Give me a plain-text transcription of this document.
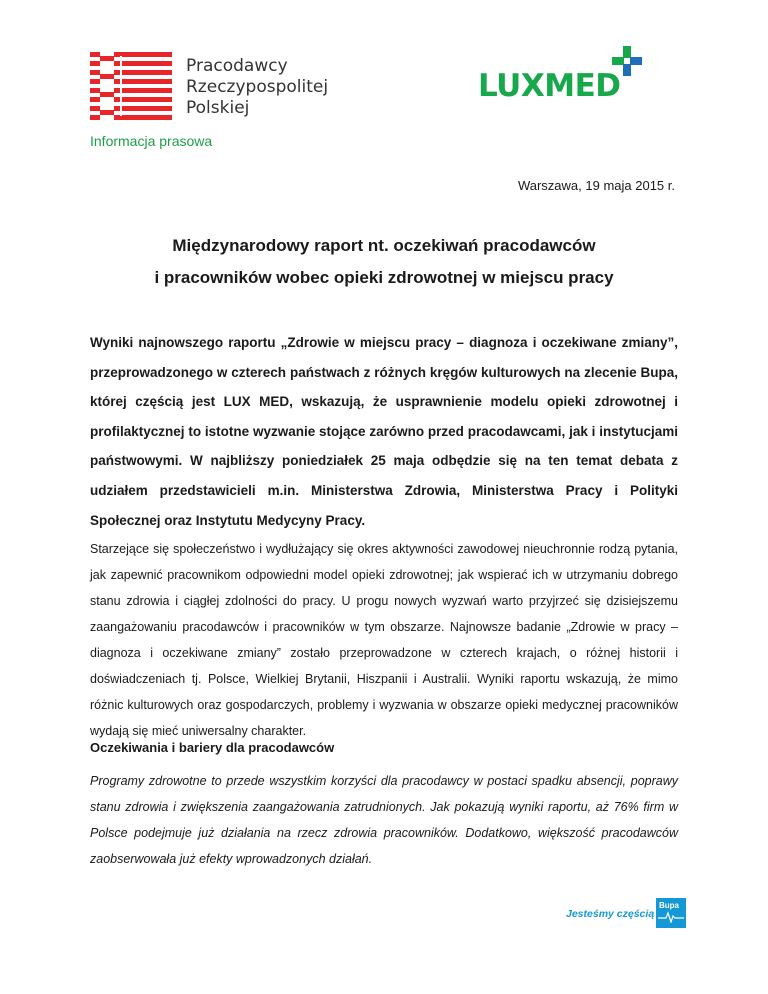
Pracodawcy
Rzeczypospolitej
Polskiej
LUXMED
Informacja prasowa
Warszawa, 19 maja 2015 r.
Międzynarodowy raport nt. oczekiwań pracodawców
i pracowników wobec opieki zdrowotnej w miejscu pracy
Wyniki najnowszego raportu „Zdrowie w miejscu pracy – diagnoza i oczekiwane zmiany”, przeprowadzonego w czterech państwach z różnych kręgów kulturowych na zlecenie Bupa, której częścią jest LUX MED, wskazują, że usprawnienie modelu opieki zdrowotnej i profilaktycznej to istotne wyzwanie stojące zarówno przed pracodawcami, jak i instytucjami państwowymi. W najbliższy poniedziałek 25 maja odbędzie się na ten temat debata z udziałem przedstawicieli m.in. Ministerstwa Zdrowia, Ministerstwa Pracy i Polityki Społecznej oraz Instytutu Medycyny Pracy.
Starzejące się społeczeństwo i wydłużający się okres aktywności zawodowej nieuchronnie rodzą pytania, jak zapewnić pracownikom odpowiedni model opieki zdrowotnej; jak wspierać ich w utrzymaniu dobrego stanu zdrowia i ciągłej zdolności do pracy. U progu nowych wyzwań warto przyjrzeć się dzisiejszemu zaangażowaniu pracodawców i pracowników w tym obszarze. Najnowsze badanie „Zdrowie w pracy – diagnoza i oczekiwane zmiany” zostało przeprowadzone w czterech krajach, o różnej historii i doświadczeniach tj. Polsce, Wielkiej Brytanii, Hiszpanii i Australii. Wyniki raportu wskazują, że mimo różnic kulturowych oraz gospodarczych, problemy i wyzwania w obszarze opieki medycznej pracowników wydają się mieć uniwersalny charakter.
Oczekiwania i bariery dla pracodawców
Programy zdrowotne to przede wszystkim korzyści dla pracodawcy w postaci spadku absencji, poprawy stanu zdrowia i zwiększenia zaangażowania zatrudnionych. Jak pokazują wyniki raportu, aż 76% firm w Polsce podejmuje już działania na rzecz zdrowia pracowników. Dodatkowo, większość pracodawców zaobserwowała już efekty wprowadzonych działań.
Jesteśmy częścią
Bupa
